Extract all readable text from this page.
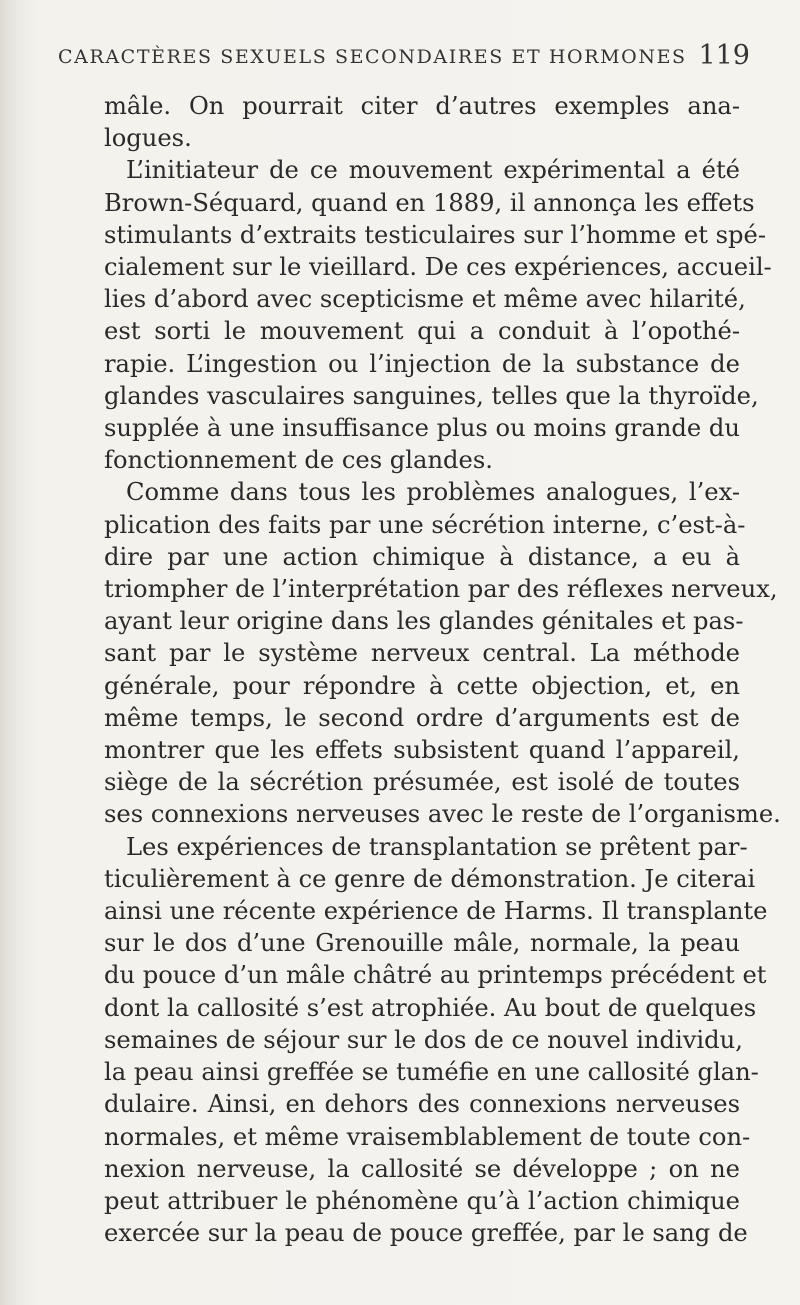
CARACTÈRES SEXUELS SECONDAIRES ET HORMONES 119
mâle. On pourrait citer d’autres exemples ana-
logues.
L’initiateur de ce mouvement expérimental a été
Brown-Séquard, quand en 1889, il annonça les effets
stimulants d’extraits testiculaires sur l’homme et spé-
cialement sur le vieillard. De ces expériences, accueil-
lies d’abord avec scepticisme et même avec hilarité,
est sorti le mouvement qui a conduit à l’opothé-
rapie. L’ingestion ou l’injection de la substance de
glandes vasculaires sanguines, telles que la thyroïde,
supplée à une insuffisance plus ou moins grande du
fonctionnement de ces glandes.
Comme dans tous les problèmes analogues, l’ex-
plication des faits par une sécrétion interne, c’est-à-
dire par une action chimique à distance, a eu à
triompher de l’interprétation par des réflexes nerveux,
ayant leur origine dans les glandes génitales et pas-
sant par le système nerveux central. La méthode
générale, pour répondre à cette objection, et, en
même temps, le second ordre d’arguments est de
montrer que les effets subsistent quand l’appareil,
siège de la sécrétion présumée, est isolé de toutes
ses connexions nerveuses avec le reste de l’organisme.
Les expériences de transplantation se prêtent par-
ticulièrement à ce genre de démonstration. Je citerai
ainsi une récente expérience de Harms. Il transplante
sur le dos d’une Grenouille mâle, normale, la peau
du pouce d’un mâle châtré au printemps précédent et
dont la callosité s’est atrophiée. Au bout de quelques
semaines de séjour sur le dos de ce nouvel individu,
la peau ainsi greffée se tuméfie en une callosité glan-
dulaire. Ainsi, en dehors des connexions nerveuses
normales, et même vraisemblablement de toute con-
nexion nerveuse, la callosité se développe ; on ne
peut attribuer le phénomène qu’à l’action chimique
exercée sur la peau de pouce greffée, par le sang de
